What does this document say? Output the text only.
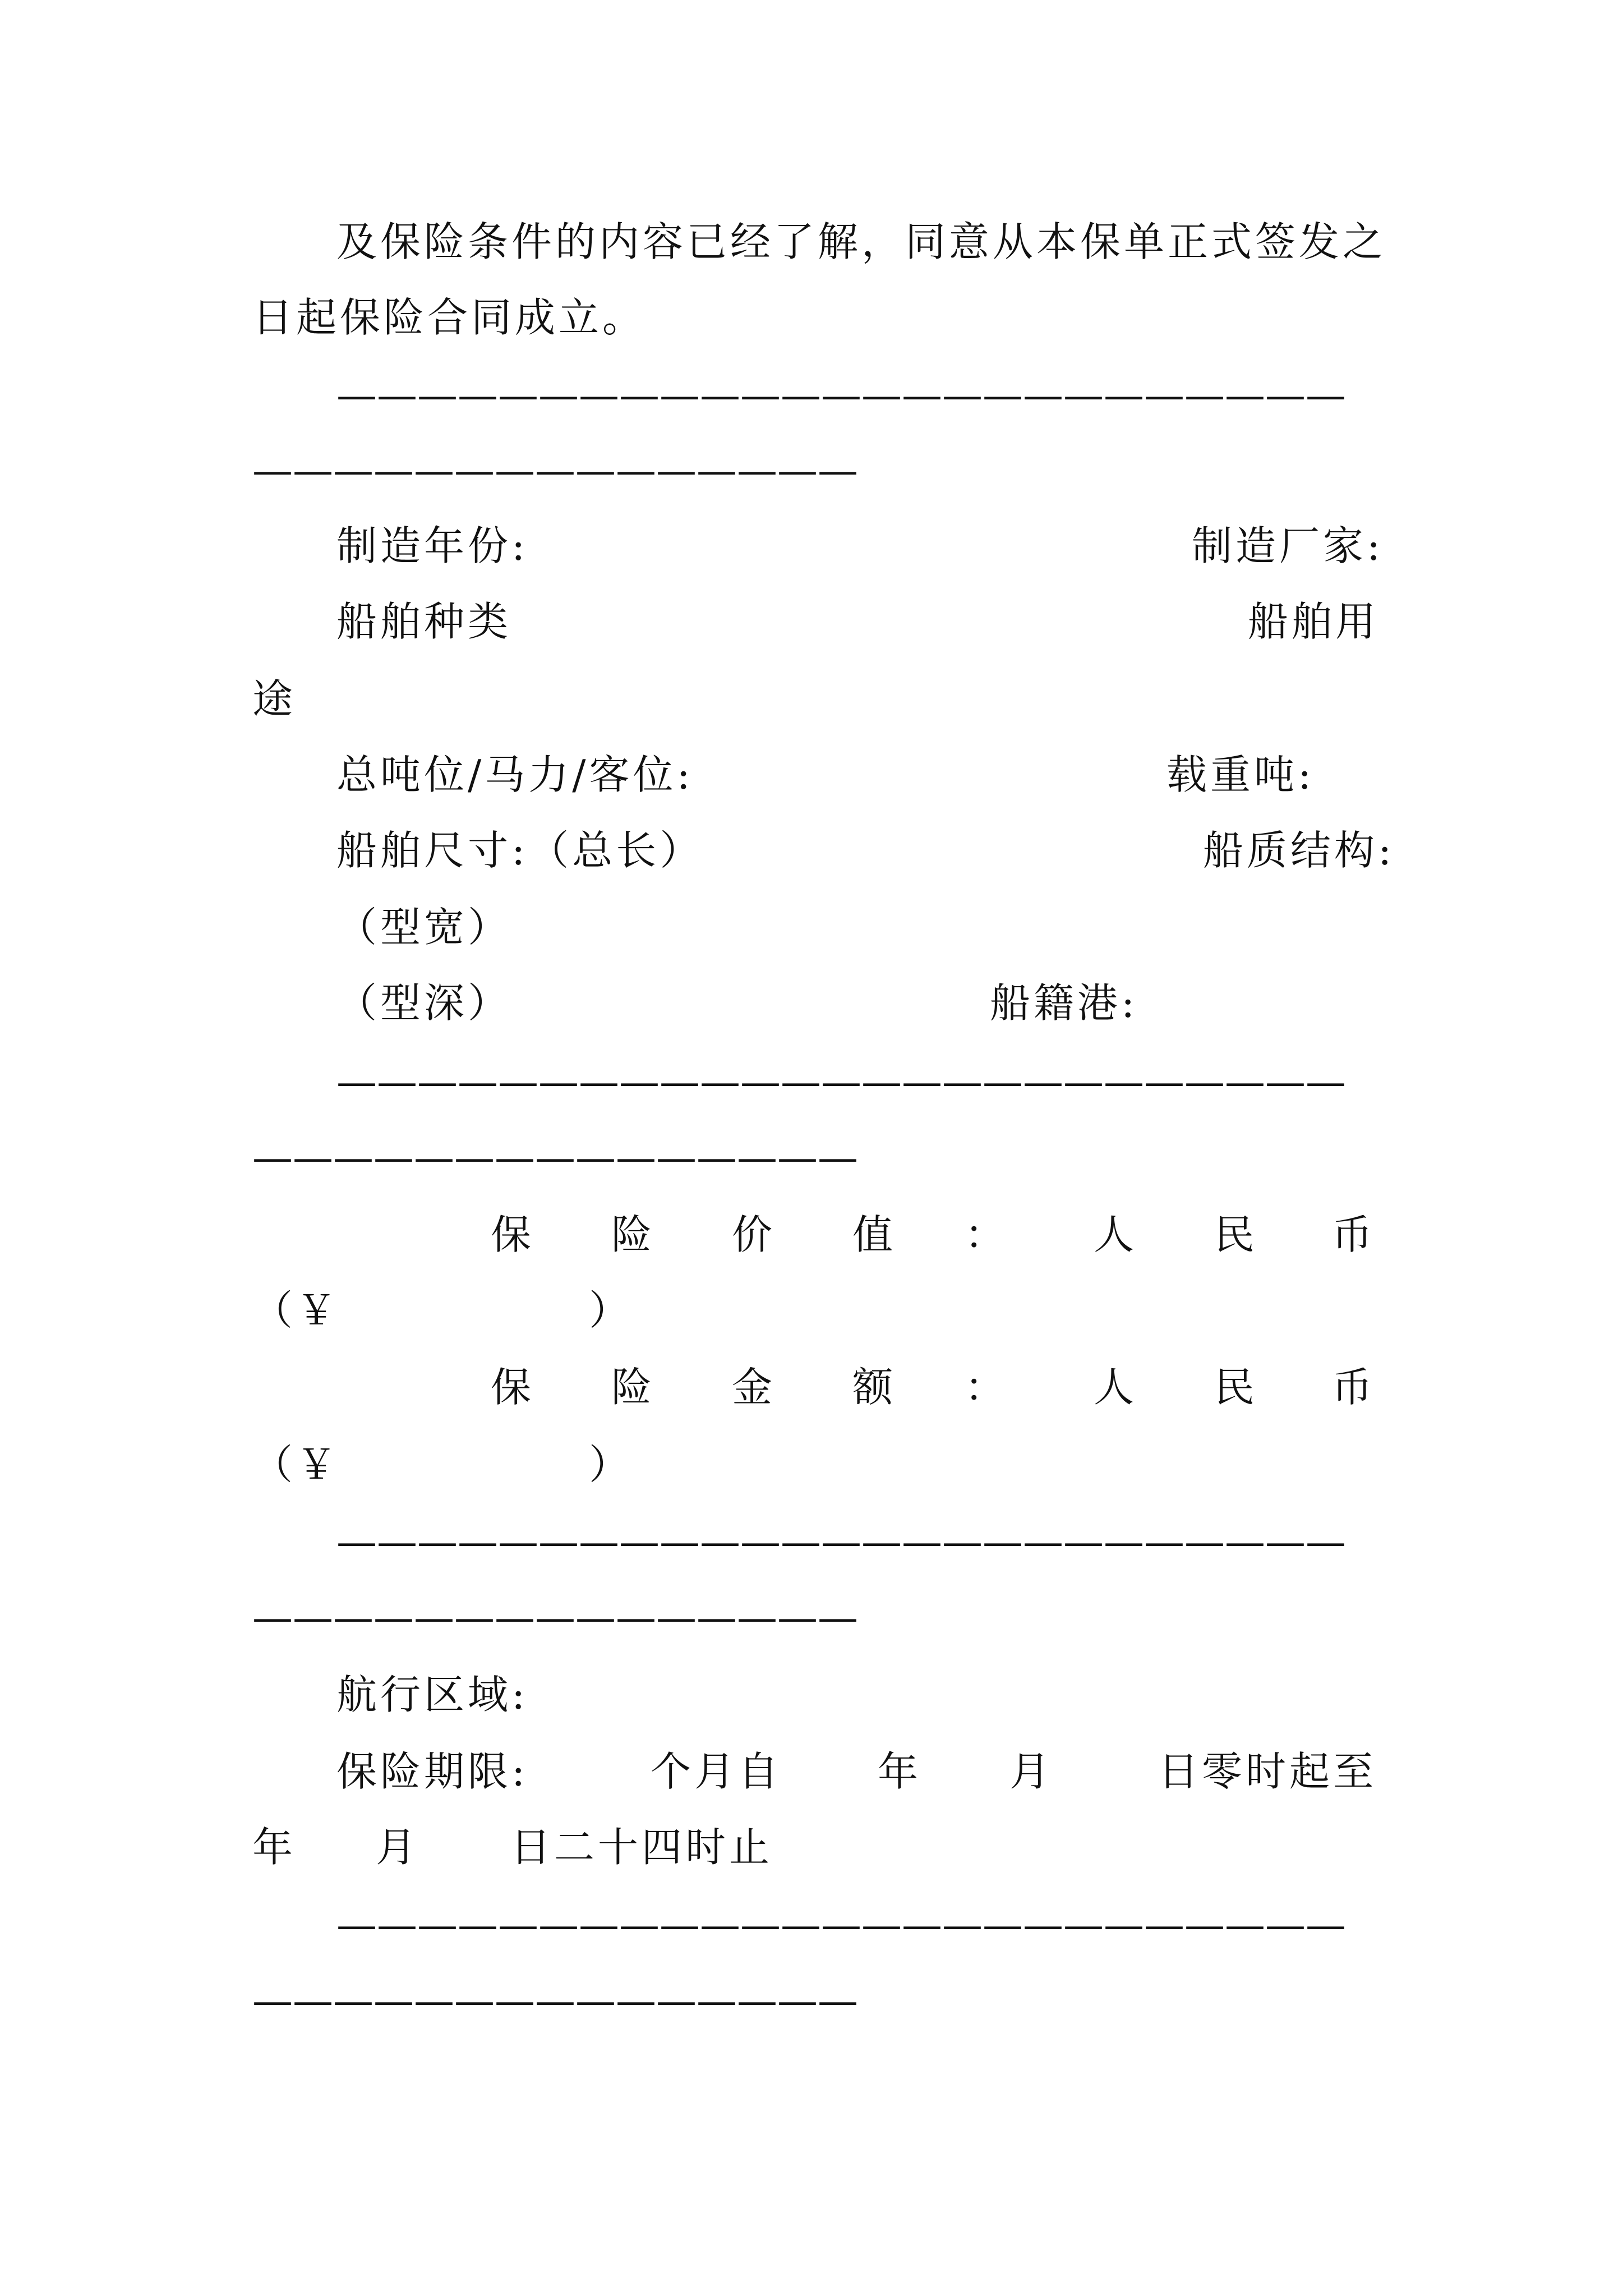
及保险条件的内容已经了解，同意从本保单正式签发之
日起保险合同成立。
—————————————————————————
———————————————
制造年份:	制造厂家:
船舶种类	船舶用
途
总吨位/马力/客位:	载重吨:
船舶尺寸:（总长）	船质结构:
（型宽）
（型深）	船籍港:
—————————————————————————
———————————————
保 险 价 值 ： 人 民 币
（￥	）
保 险 金 额 ： 人 民 币
（￥	）
—————————————————————————
———————————————
航行区域:
保险期限:	个月自 年 月	日零时起至
年 月 日二十四时止
—————————————————————————
———————————————
